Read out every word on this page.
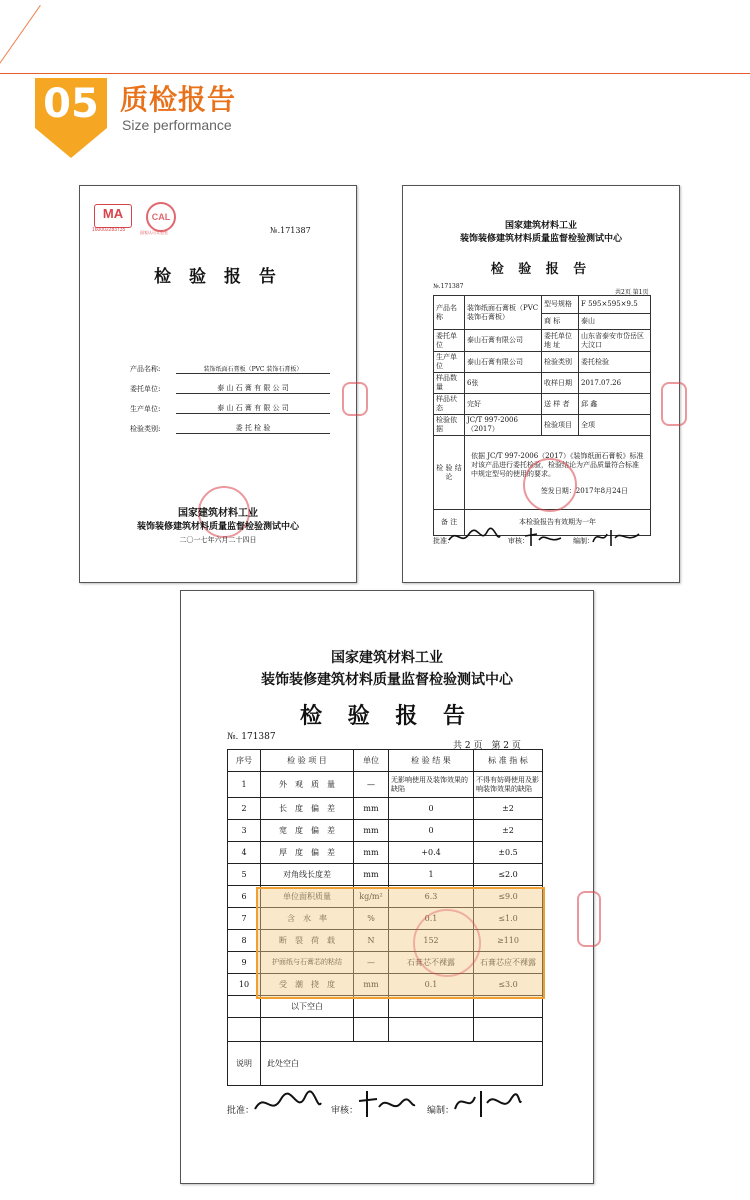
05 质检报告
Size performance
MA
160002283735
CAL
国家认可实验室	№.171387
检 验 报 告
产品名称:	装饰纸面石膏板（PVC 装饰石膏板）
委托单位:	泰 山 石 膏 有 限 公 司
生产单位:	泰 山 石 膏 有 限 公 司
检验类别:	委 托 检 验
国家建筑材料工业
装饰装修建筑材料质量监督检验测试中心
二〇一七年六月二十四日
国家建筑材料工业
装饰装修建筑材料质量监督检验测试中心
检 验 报 告
№.171387
共2页 第1页
产品名称	装饰纸面石膏板（PVC装饰石膏板）	型号规格	F 595×595×9.5
		商 标	泰山
委托单位	泰山石膏有限公司	委托单位地 址	山东省泰安市岱岳区大汶口
生产单位	泰山石膏有限公司	检验类别	委托检验
样品数量	6张	收样日期	2017.07.26
样品状态	完好	送 样 者	邱 鑫
检验依据	JC/T 997-2006（2017）	检验项目	全项
检 验 结 论	依据 JC/T 997-2006（2017）《装饰纸面石膏板》标准对该产品进行委托检验，检验结论为产品质量符合标准中规定型号的使用的要求。
签发日期：2017年8月24日		

备 注	本检验报告有效期为一年		
批准：	审核：	编制：
国家建筑材料工业
装饰装修建筑材料质量监督检验测试中心
检 验 报 告
№. 171387
共 2 页　第 2 页
序号	检 验 项 目	单位	检 验 结 果	标 准 指 标
1	外　观　质　量	—	无影响使用及装饰效果的缺陷	不得有妨碍使用及影响装饰效果的缺陷
2	长　度　偏　差	mm	0	±2
3	宽　度　偏　差	mm	0	±2
4	厚　度　偏　差	mm	+0.4	±0.5
5	对角线长度差	mm	1	≤2.0
6	单位面积质量	kg/m²	6.3	≤9.0
7	含　水　率	%	0.1	≤1.0
8	断　裂　荷　载	N	152	≥110
9	护面纸与石膏芯的粘结	—	石膏芯不裸露	石膏芯应不裸露
10	受　潮　挠　度	mm	0.1	≤3.0
	以下空白			

说明	此处空白			
批准：	审核：	编制：
